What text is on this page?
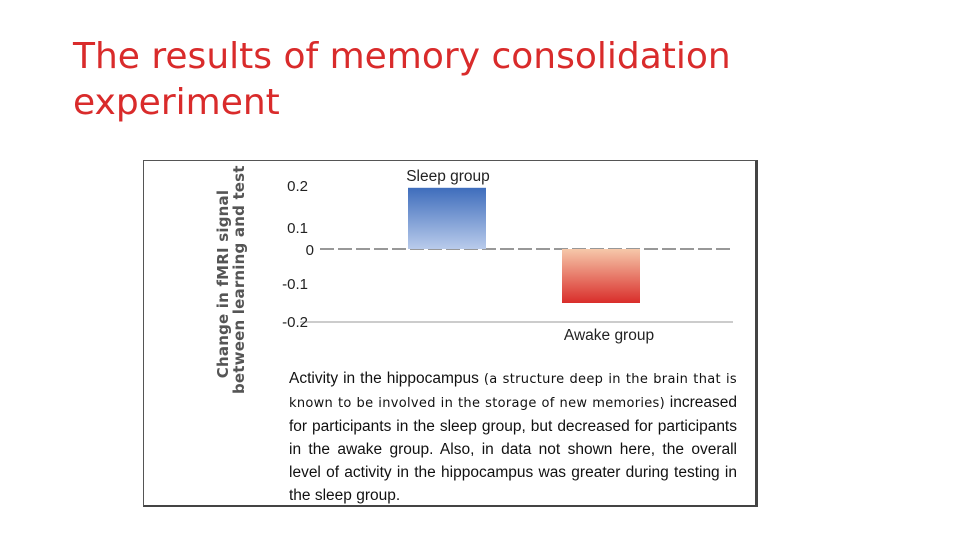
The results of memory consolidation experiment
Change in fMRI signal
between learning and test	0.2
0.1
0
-0.1
-0.2
Sleep group
Awake group

Activity in the hippocampus (a structure deep in the brain that is known to be involved in the storage of new memories) increased for participants in the sleep group, but decreased for participants in the awake group. Also, in data not shown here, the overall level of activity in the hippocampus was greater during testing in the sleep group.
